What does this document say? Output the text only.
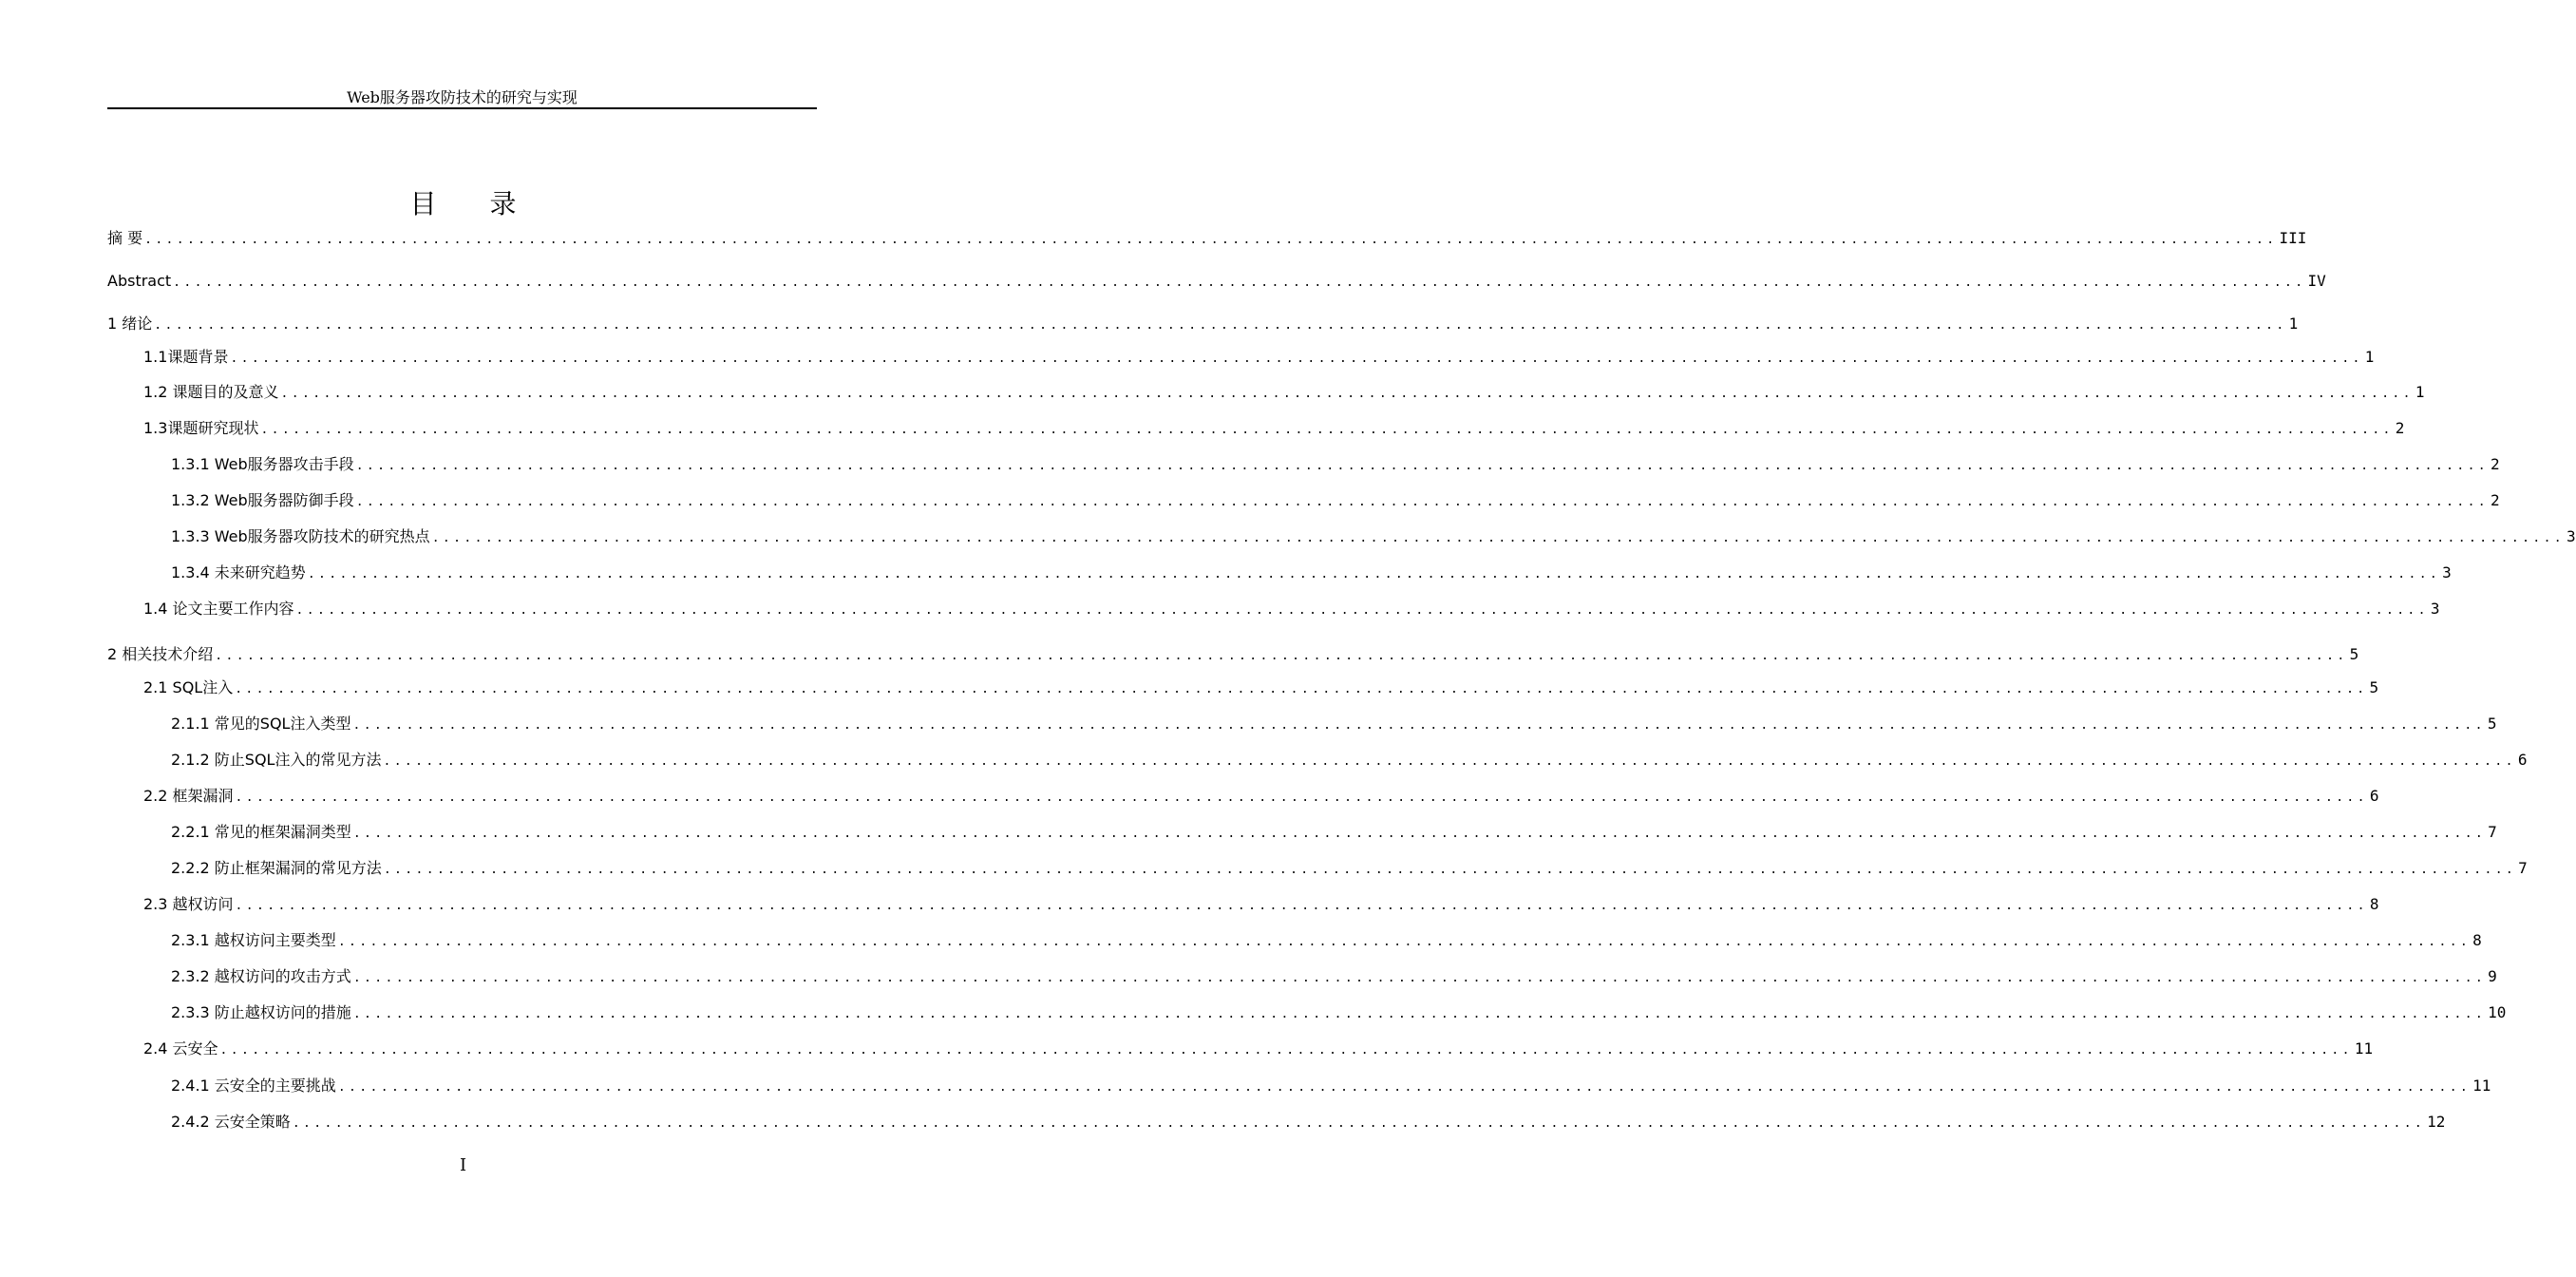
Web服务器攻防技术的研究与实现
目 录
摘 要 ........................................................................................................................................................................................................ III
Abstract ........................................................................................................................................................................................................ IV
1 绪论 ........................................................................................................................................................................................................ 1
1.1课题背景 ........................................................................................................................................................................................................ 1
1.2 课题目的及意义 ........................................................................................................................................................................................................ 1
1.3课题研究现状 ........................................................................................................................................................................................................ 2
1.3.1 Web服务器攻击手段 ........................................................................................................................................................................................................ 2
1.3.2 Web服务器防御手段 ........................................................................................................................................................................................................ 2
1.3.3 Web服务器攻防技术的研究热点 ........................................................................................................................................................................................................ 3
1.3.4 未来研究趋势 ........................................................................................................................................................................................................ 3
1.4 论文主要工作内容 ........................................................................................................................................................................................................ 3
2 相关技术介绍 ........................................................................................................................................................................................................ 5
2.1 SQL注入 ........................................................................................................................................................................................................ 5
2.1.1 常见的SQL注入类型 ........................................................................................................................................................................................................ 5
2.1.2 防止SQL注入的常见方法 ........................................................................................................................................................................................................ 6
2.2 框架漏洞 ........................................................................................................................................................................................................ 6
2.2.1 常见的框架漏洞类型 ........................................................................................................................................................................................................ 7
2.2.2 防止框架漏洞的常见方法 ........................................................................................................................................................................................................ 7
2.3 越权访问 ........................................................................................................................................................................................................ 8
2.3.1 越权访问主要类型 ........................................................................................................................................................................................................ 8
2.3.2 越权访问的攻击方式 ........................................................................................................................................................................................................ 9
2.3.3 防止越权访问的措施 ........................................................................................................................................................................................................ 10
2.4 云安全 ........................................................................................................................................................................................................ 11
2.4.1 云安全的主要挑战 ........................................................................................................................................................................................................ 11
2.4.2 云安全策略 ........................................................................................................................................................................................................ 12
I
